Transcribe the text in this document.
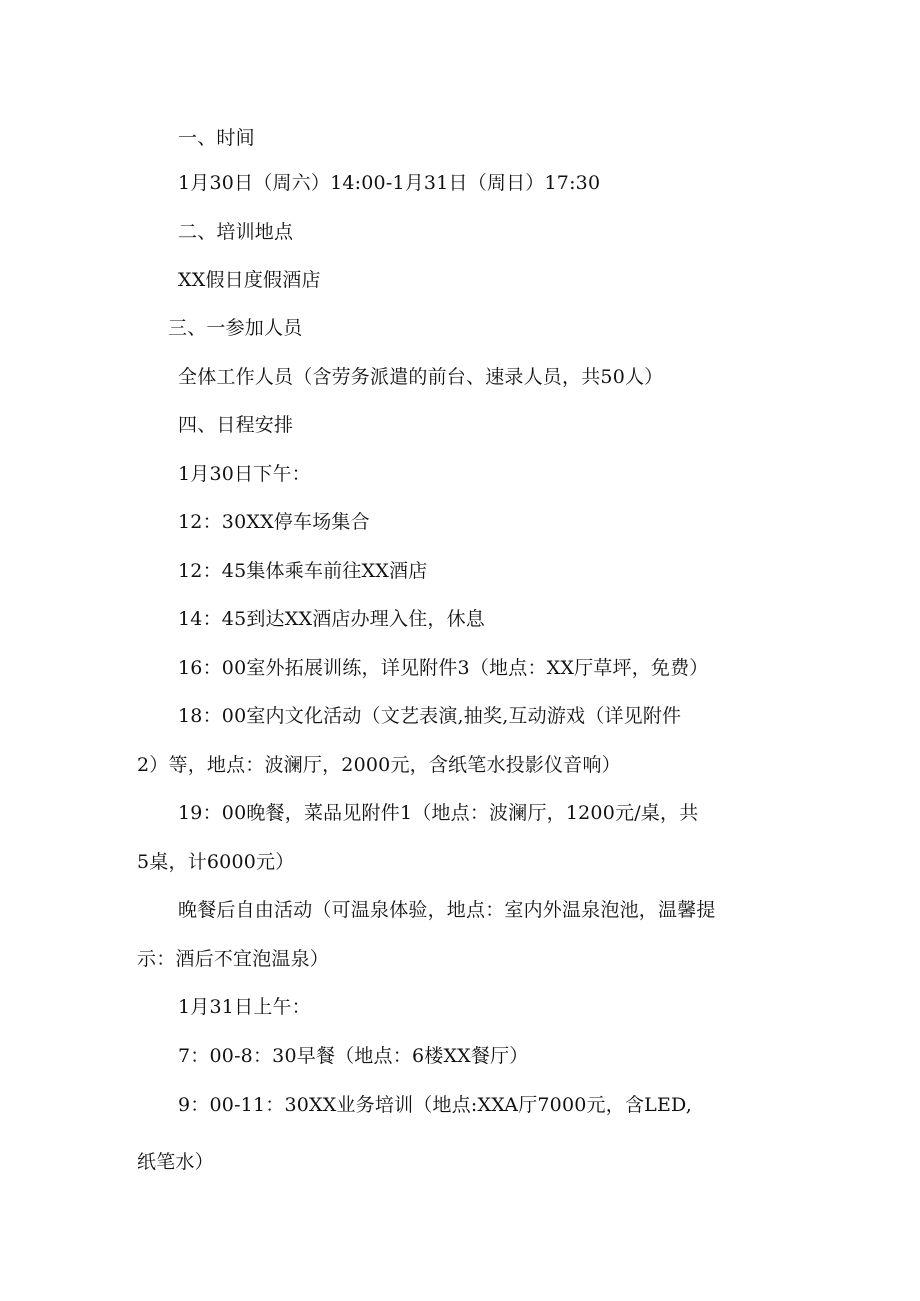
一、时间
1月30日（周六）14:00-1月31日（周日）17:30
二、培训地点
XX假日度假酒店
三、一参加人员
全体工作人员（含劳务派遣的前台、速录人员，共50人）
四、日程安排
1月30日下午：
12：30XX停车场集合
12：45集体乘车前往XX酒店
14：45到达XX酒店办理入住，休息
16：00室外拓展训练，详见附件3（地点：XX厅草坪，免费）
18：00室内文化活动（文艺表演,抽奖,互动游戏（详见附件
2）等，地点：波澜厅，2000元，含纸笔水投影仪音响）
19：00晚餐，菜品见附件1（地点：波澜厅，1200元/桌，共
5桌，计6000元）
晚餐后自由活动（可温泉体验，地点：室内外温泉泡池，温馨提
示：酒后不宜泡温泉）
1月31日上午：
7：00-8：30早餐（地点：6楼XX餐厅）
9：00-11：30XX业务培训（地点:XXA厅7000元，含LED,
纸笔水）
